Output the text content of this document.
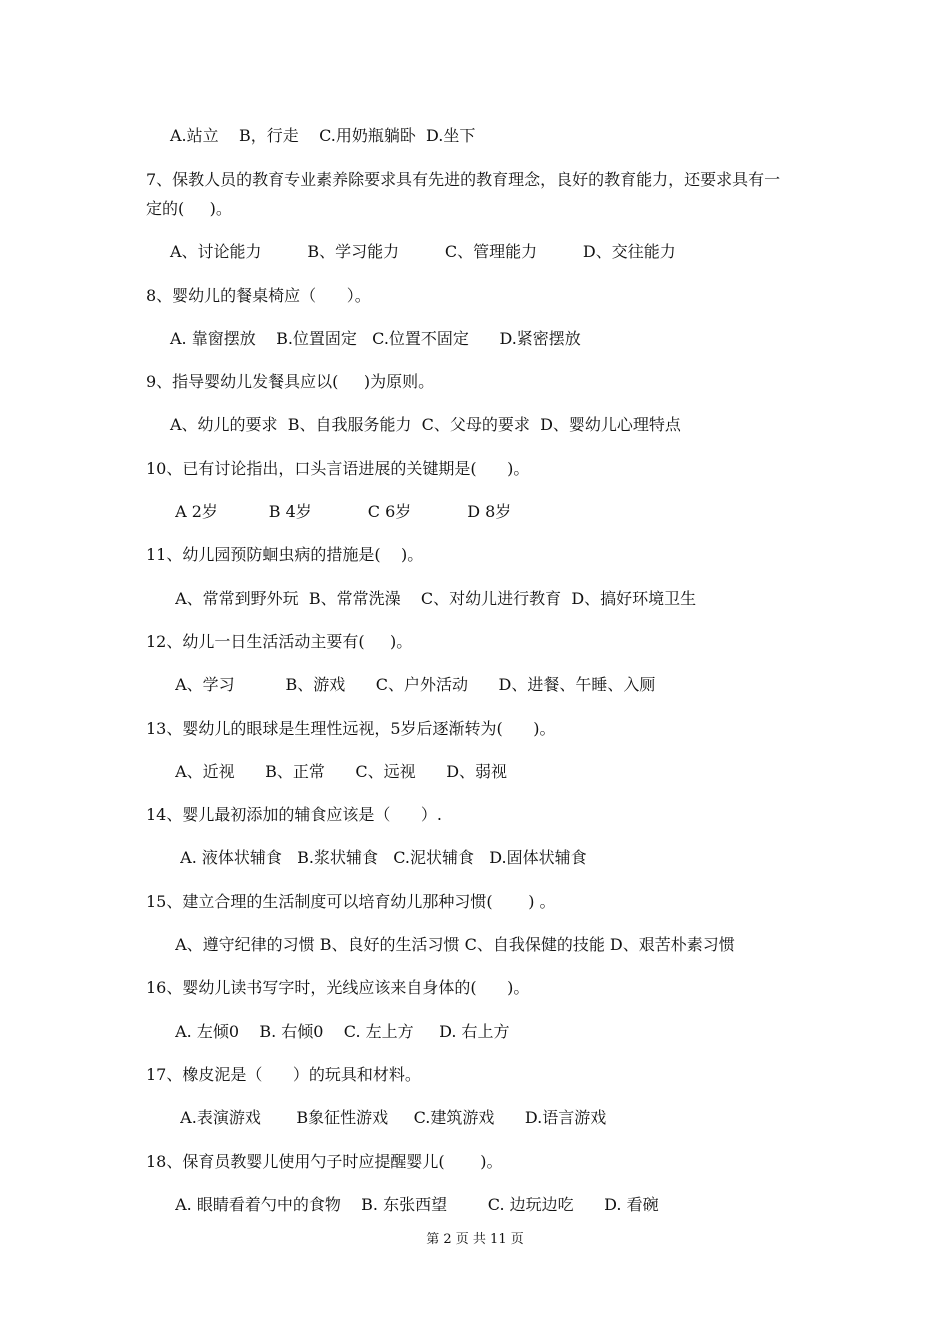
A.站立    B，行走    C.用奶瓶躺卧  D.坐下

7、保教人员的教育专业素养除要求具有先进的教育理念，良好的教育能力，还要求具有一

定的(     )。

A、讨论能力         B、学习能力         C、管理能力         D、交往能力

8、婴幼儿的餐桌椅应（      ）。

A. 靠窗摆放    B.位置固定   C.位置不固定      D.紧密摆放

9、指导婴幼儿发餐具应以(     )为原则。

A、幼儿的要求  B、自我服务能力  C、父母的要求  D、婴幼儿心理特点

10、已有讨论指出，口头言语进展的关键期是(      )。

A 2岁          B 4岁           C 6岁           D 8岁

11、幼儿园预防蛔虫病的措施是(    )。

A、常常到野外玩  B、常常洗澡    C、对幼儿进行教育  D、搞好环境卫生

12、幼儿一日生活活动主要有(     )。

A、学习          B、游戏      C、户外活动      D、进餐、午睡、入厕

13、婴幼儿的眼球是生理性远视，5岁后逐渐转为(      )。

A、近视      B、正常      C、远视      D、弱视

14、婴儿最初添加的辅食应该是（      ）.

A. 液体状辅食   B.浆状辅食   C.泥状辅食   D.固体状辅食

15、建立合理的生活制度可以培育幼儿那种习惯(       ) 。

A、遵守纪律的习惯 B、良好的生活习惯 C、自我保健的技能 D、艰苦朴素习惯

16、婴幼儿读书写字时，光线应该来自身体的(      )。

A. 左倾0    B. 右倾0    C. 左上方     D. 右上方

17、橡皮泥是（      ）的玩具和材料。

A.表演游戏       B象征性游戏     C.建筑游戏      D.语言游戏

18、保育员教婴儿使用勺子时应提醒婴儿(       )。

A. 眼睛看着勺中的食物    B. 东张西望        C. 边玩边吃      D. 看碗

第 2 页 共 11 页
